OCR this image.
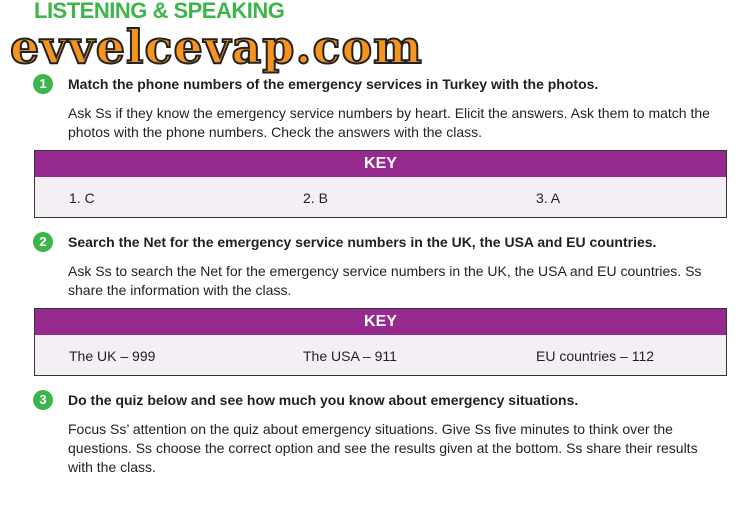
LISTENING & SPEAKING
evvelcevap.com
1	Match the phone numbers of the emergency services in Turkey with the photos.
Ask Ss if they know the emergency service numbers by heart. Elicit the answers. Ask them to match the photos with the phone numbers. Check the answers with the class.
KEY
1. C	2. B	3. A
2	Search the Net for the emergency service numbers in the UK, the USA and EU countries.
Ask Ss to search the Net for the emergency service numbers in the UK, the USA and EU countries. Ss share the information with the class.
KEY
The UK – 999	The USA – 911	EU countries – 112
3	Do the quiz below and see how much you know about emergency situations.
Focus Ss’ attention on the quiz about emergency situations. Give Ss five minutes to think over the questions. Ss choose the correct option and see the results given at the bottom. Ss share their results with the class.
